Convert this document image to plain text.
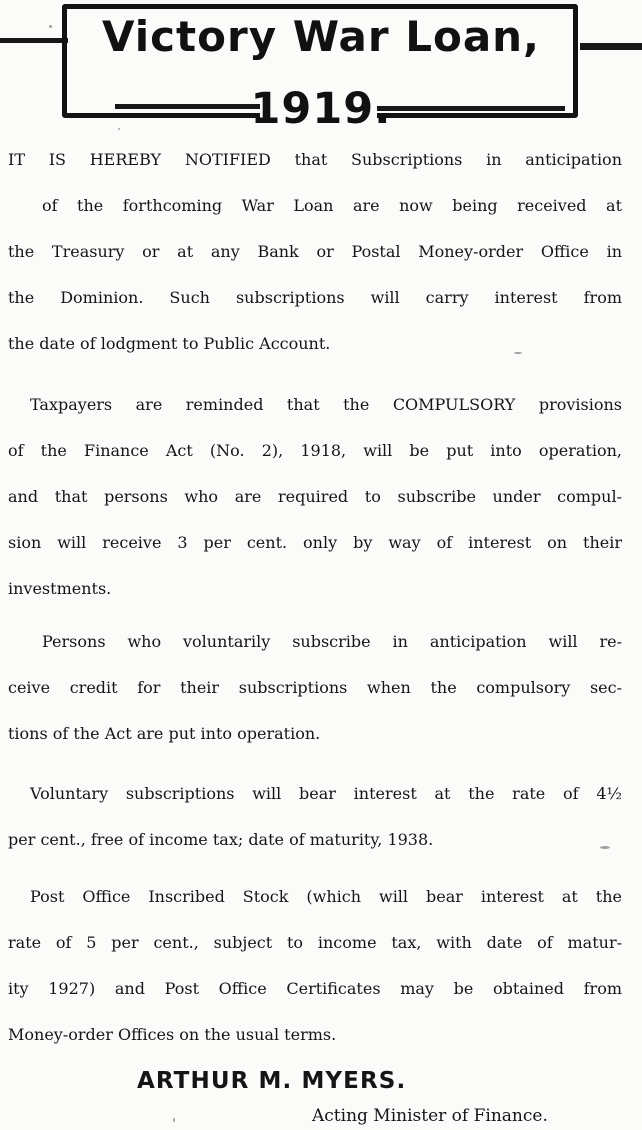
Victory War Loan,
1919.
IT IS HEREBY NOTIFIED that Subscriptions in anticipation
of the forthcoming War Loan are now being received at
the Treasury or at any Bank or Postal Money-order Office in
the Dominion. Such subscriptions will carry interest from
the date of lodgment to Public Account.
Taxpayers are reminded that the COMPULSORY provisions
of the Finance Act (No. 2), 1918, will be put into operation,
and that persons who are required to subscribe under compul-
sion will receive 3 per cent. only by way of interest on their
investments.
Persons who voluntarily subscribe in anticipation will re-
ceive credit for their subscriptions when the compulsory sec-
tions of the Act are put into operation.
Voluntary subscriptions will bear interest at the rate of 4½
per cent., free of income tax; date of maturity, 1938.
Post Office Inscribed Stock (which will bear interest at the
rate of 5 per cent., subject to income tax, with date of matur-
ity 1927) and Post Office Certificates may be obtained from
Money-order Offices on the usual terms.
ARTHUR M. MYERS.
Acting Minister of Finance.
